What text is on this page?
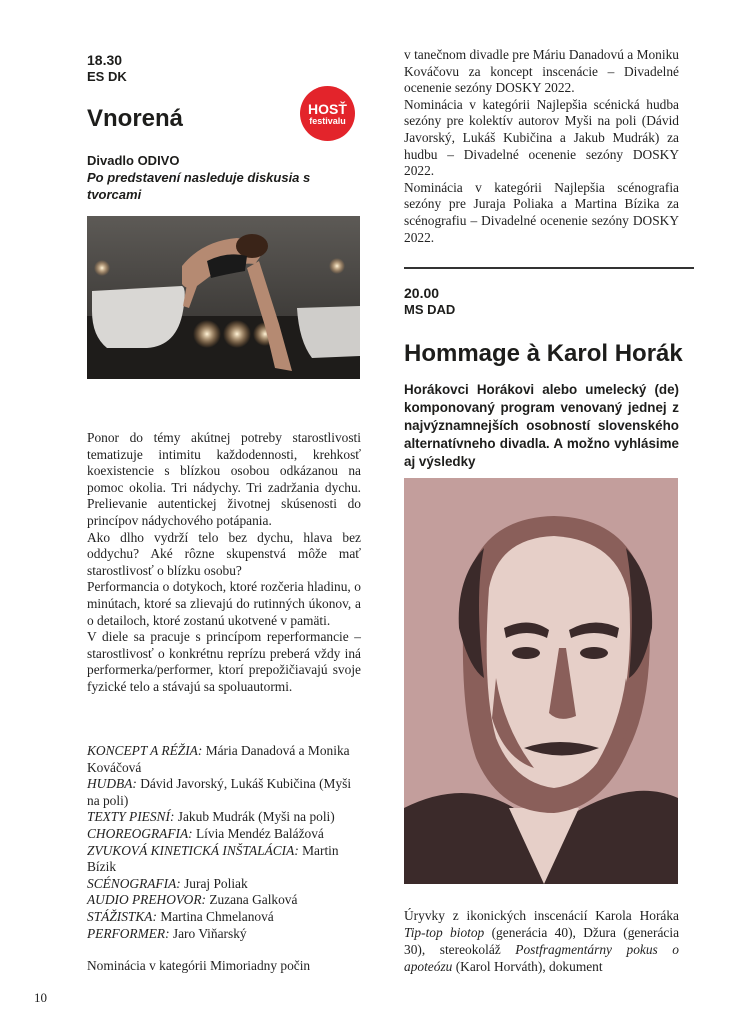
18.30
ES DK
Vnorená	HOSŤ
festivalu
Divadlo ODIVO
Po predstavení nasleduje diskusia s tvorcami

Ponor do témy akútnej potreby starostlivosti tematizuje intimitu každodennosti, krehkosť koexistencie s blízkou osobou odkázanou na pomoc okolia. Tri nádychy. Tri zadržania dychu. Prelievanie autentickej životnej skúsenosti do princípov nádychového potápania.

Ako dlho vydrží telo bez dychu, hlava bez oddychu? Aké rôzne skupenstvá môže mať starostlivosť o blízku osobu?

Performancia o dotykoch, ktoré rozčeria hladinu, o minútach, ktoré sa zlievajú do rutinných úkonov, a o detailoch, ktoré zostanú ukotvené v pamäti.

V diele sa pracuje s princípom reperformancie – starostlivosť o konkrétnu reprízu preberá vždy iná performerka/performer, ktorí prepožičiavajú svoje fyzické telo a stávajú sa spoluautormi.

KONCEPT A RÉŽIA: Mária Danadová a Monika Kováčová
HUDBA: Dávid Javorský, Lukáš Kubičina (Myši na poli)
TEXTY PIESNÍ: Jakub Mudrák (Myši na poli)
CHOREOGRAFIA: Lívia Mendéz Balážová
ZVUKOVÁ KINETICKÁ INŠTALÁCIA: Martin Bízik
SCÉNOGRAFIA: Juraj Poliak
AUDIO PREHOVOR: Zuzana Galková
STÁŽISTKA: Martina Chmelanová
PERFORMER: Jaro Viňarský
Nominácia v kategórii Mimoriadny počin
10

v tanečnom divadle pre Máriu Danadovú a Moniku Kováčovu za koncept inscenácie – Divadelné ocenenie sezóny DOSKY 2022.

Nominácia v kategórii Najlepšia scénická hudba sezóny pre kolektív autorov Myši na poli (Dávid Javorský, Lukáš Kubičina a Jakub Mudrák) za hudbu – Divadelné ocenenie sezóny DOSKY 2022.

Nominácia v kategórii Najlepšia scénografia sezóny pre Juraja Poliaka a Martina Bízika za scénografiu – Divadelné ocenenie sezóny DOSKY 2022.

20.00
MS DAD
Hommage à Karol Horák
Horákovci Horákovi alebo umelecký (de) komponovaný program venovaný jednej z najvýznamnejších osobností slovenského alternatívneho divadla. A možno vyhlásime aj výsledky
Úryvky z ikonických inscenácií Karola Horáka Tip-top biotop (generácia 40), Džura (generácia 30), stereokoláž Postfragmentárny pokus o apoteózu (Karol Horváth), dokument
